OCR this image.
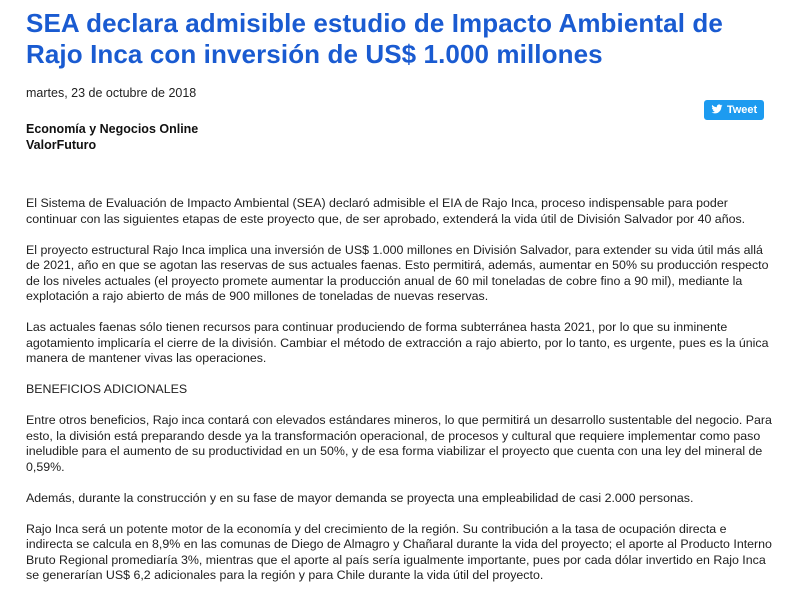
SEA declara admisible estudio de Impacto Ambiental de Rajo Inca con inversión de US$ 1.000 millones
martes, 23 de octubre de 2018
Tweet
Economía y Negocios Online
ValorFuturo

El Sistema de Evaluación de Impacto Ambiental (SEA) declaró admisible el EIA de Rajo Inca, proceso indispensable para poder continuar con las siguientes etapas de este proyecto que, de ser aprobado, extenderá la vida útil de División Salvador por 40 años.

El proyecto estructural Rajo Inca implica una inversión de US$ 1.000 millones en División Salvador, para extender su vida útil más allá de 2021, año en que se agotan las reservas de sus actuales faenas. Esto permitirá, además, aumentar en 50% su producción respecto de los niveles actuales (el proyecto promete aumentar la producción anual de 60 mil toneladas de cobre fino a 90 mil), mediante la explotación a rajo abierto de más de 900 millones de toneladas de nuevas reservas.

Las actuales faenas sólo tienen recursos para continuar produciendo de forma subterránea hasta 2021, por lo que su inminente agotamiento implicaría el cierre de la división. Cambiar el método de extracción a rajo abierto, por lo tanto, es urgente, pues es la única manera de mantener vivas las operaciones.

BENEFICIOS ADICIONALES

Entre otros beneficios, Rajo inca contará con elevados estándares mineros, lo que permitirá un desarrollo sustentable del negocio. Para esto, la división está preparando desde ya la transformación operacional, de procesos y cultural que requiere implementar como paso ineludible para el aumento de su productividad en un 50%, y de esa forma viabilizar el proyecto que cuenta con una ley del mineral de 0,59%.

Además, durante la construcción y en su fase de mayor demanda se proyecta una empleabilidad de casi 2.000 personas.

Rajo Inca será un potente motor de la economía y del crecimiento de la región. Su contribución a la tasa de ocupación directa e indirecta se calcula en 8,9% en las comunas de Diego de Almagro y Chañaral durante la vida del proyecto; el aporte al Producto Interno Bruto Regional promediaría 3%, mientras que el aporte al país sería igualmente importante, pues por cada dólar invertido en Rajo Inca se generarían US$ 6,2 adicionales para la región y para Chile durante la vida útil del proyecto.
